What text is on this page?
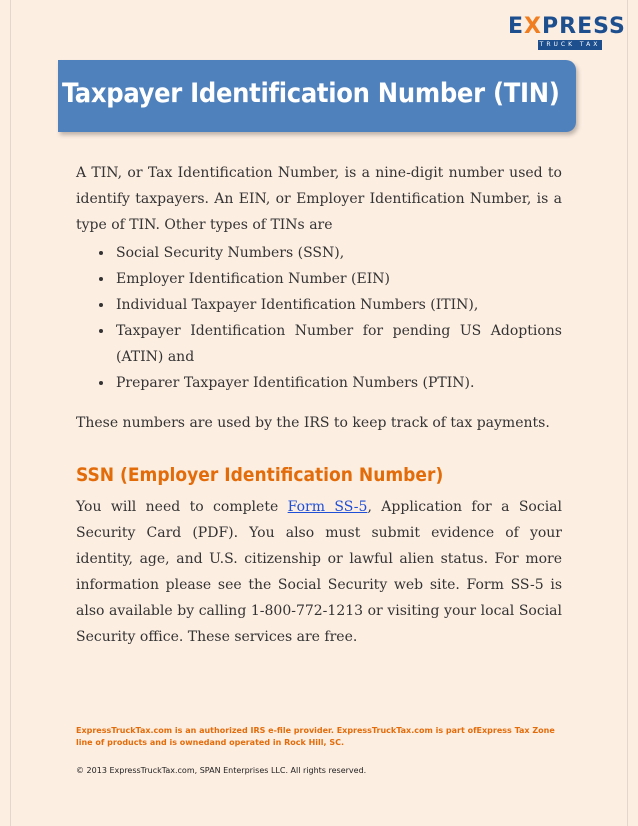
EXPRESS
TRUCK TAX
Taxpayer Identification Number (TIN)

A TIN, or Tax Identification Number, is a nine-digit number used to identify taxpayers. An EIN, or Employer Identification Number, is a type of TIN. Other types of TINs are

• Social Security Numbers (SSN),
• Employer Identification Number (EIN)
• Individual Taxpayer Identification Numbers (ITIN),
• Taxpayer Identification Number for pending US Adoptions (ATIN) and
• Preparer Taxpayer Identification Numbers (PTIN).

These numbers are used by the IRS to keep track of tax payments.

SSN (Employer Identification Number)

You will need to complete Form SS-5, Application for a Social Security Card (PDF). You also must submit evidence of your identity, age, and U.S. citizenship or lawful alien status. For more information please see the Social Security web site. Form SS-5 is also available by calling 1-800-772-1213 or visiting your local Social Security office. These services are free.

ExpressTruckTax.com is an authorized IRS e-file provider. ExpressTruckTax.com is part ofExpress Tax Zone line of products and is ownedand operated in Rock Hill, SC.

© 2013 ExpressTruckTax.com, SPAN Enterprises LLC. All rights reserved.
